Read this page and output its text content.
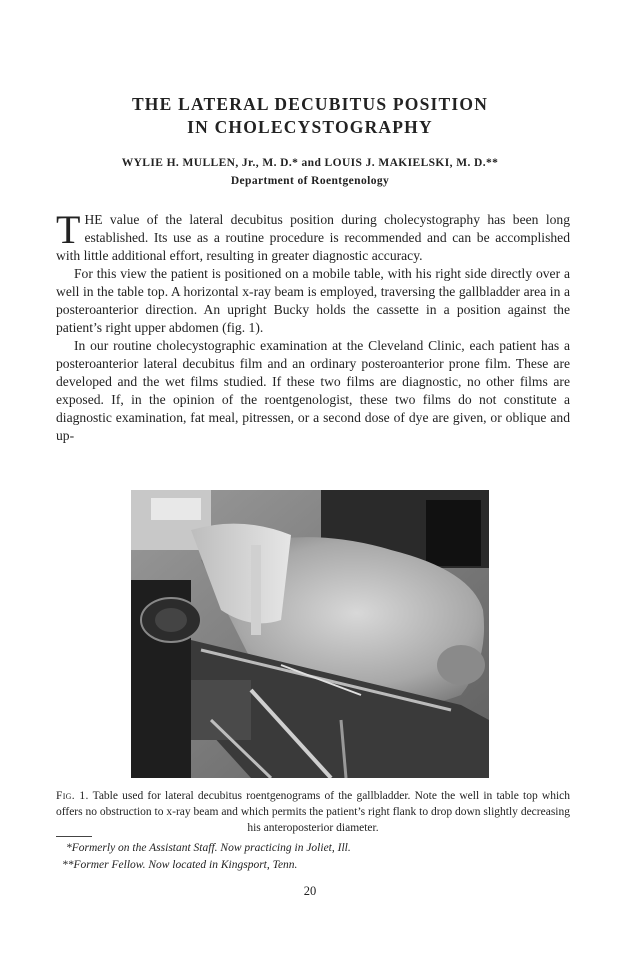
THE LATERAL DECUBITUS POSITION
IN CHOLECYSTOGRAPHY
WYLIE H. MULLEN, Jr., M. D.* and LOUIS J. MAKIELSKI, M. D.**
Department of Roentgenology

THE value of the lateral decubitus position during cholecystography has been long established. Its use as a routine procedure is recommended and can be accomplished with little additional effort, resulting in greater diagnostic accuracy.

For this view the patient is positioned on a mobile table, with his right side directly over a well in the table top. A horizontal x-ray beam is employed, traversing the gallbladder area in a posteroanterior direction. An upright Bucky holds the cassette in a position against the patient’s right upper abdomen (fig. 1).

In our routine cholecystographic examination at the Cleveland Clinic, each patient has a posteroanterior lateral decubitus film and an ordinary posteroanterior prone film. These are developed and the wet films studied. If these two films are diagnostic, no other films are exposed. If, in the opinion of the roentgenologist, these two films do not constitute a diagnostic examination, fat meal, pitressen, or a second dose of dye are given, or oblique and up-

Fig. 1. Table used for lateral decubitus roentgenograms of the gallbladder. Note the well in table top which offers no obstruction to x-ray beam and which permits the patient’s right flank to drop down slightly decreasing his anteroposterior diameter.
*Formerly on the Assistant Staff. Now practicing in Joliet, Ill.
**Former Fellow. Now located in Kingsport, Tenn.
20
